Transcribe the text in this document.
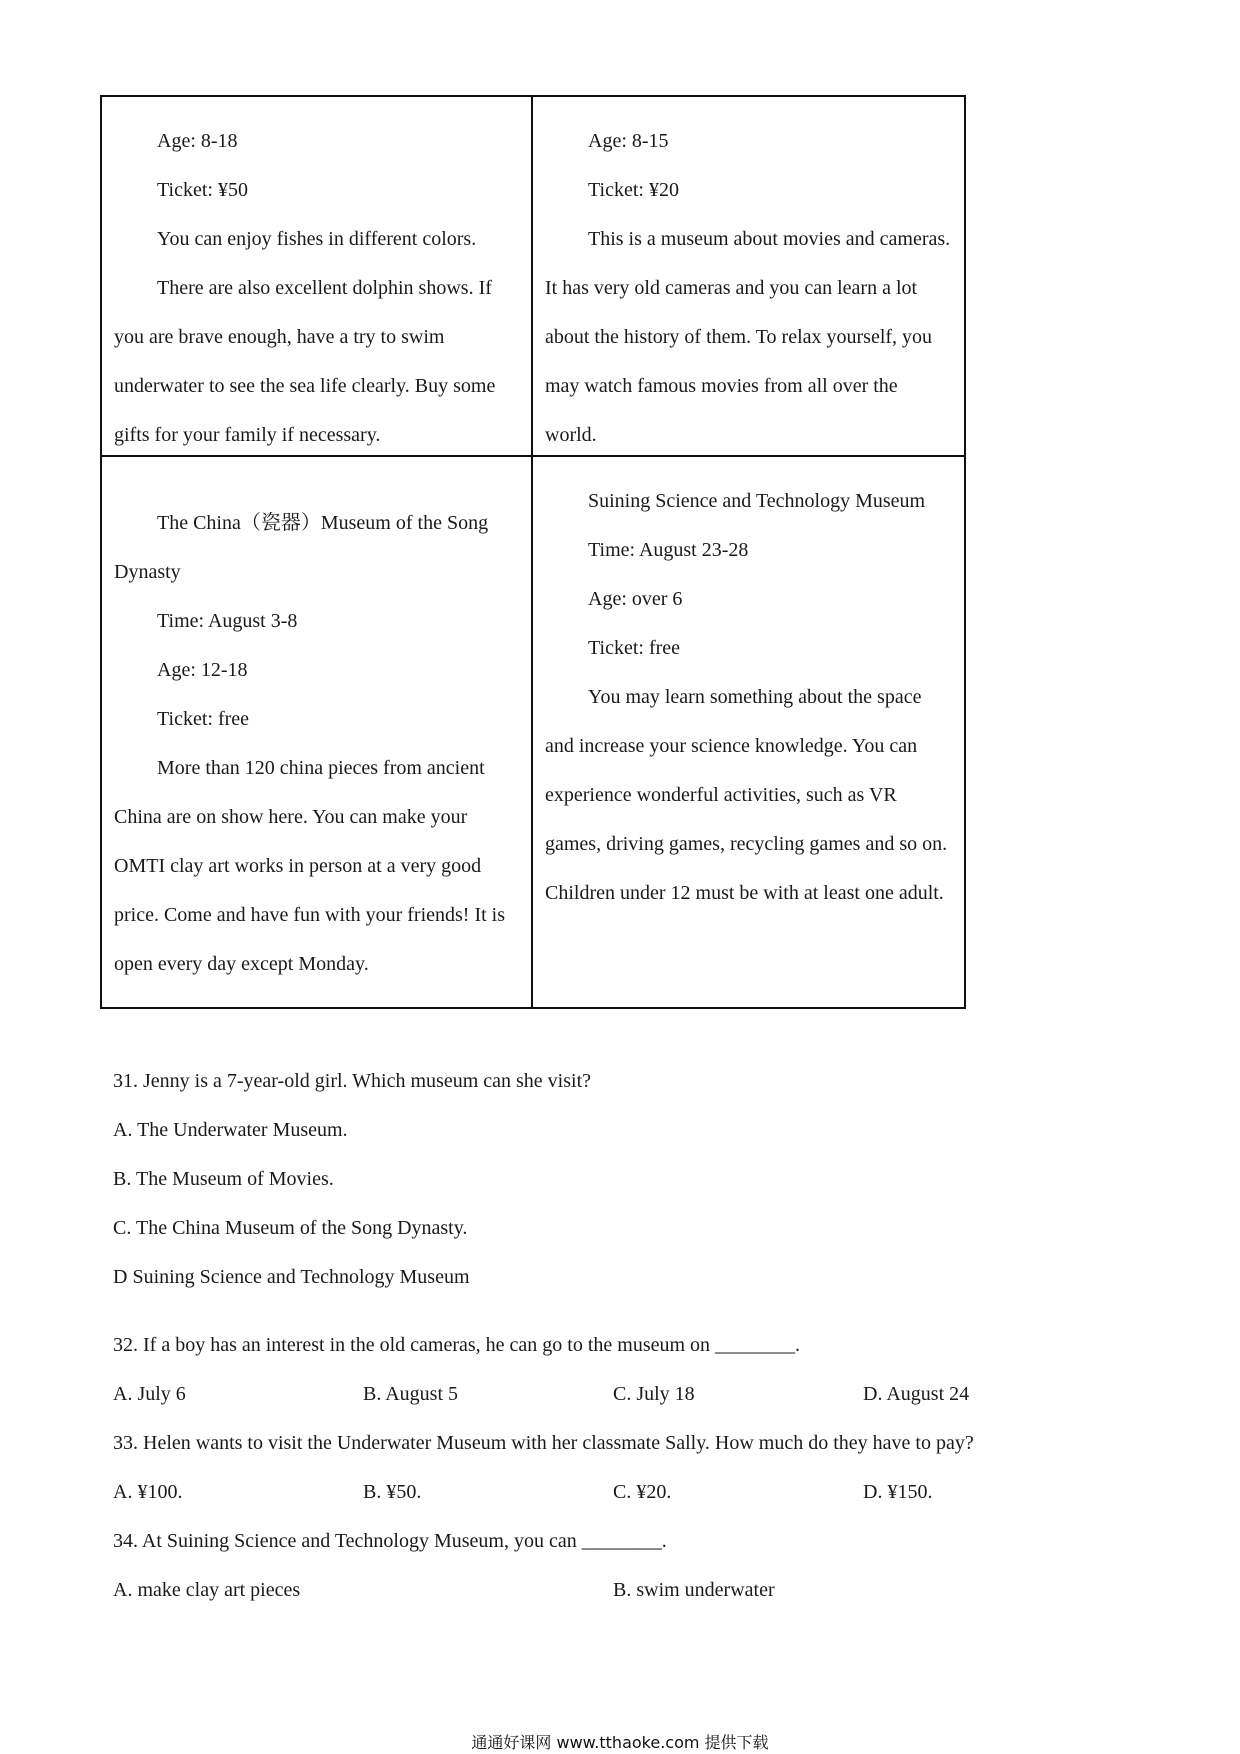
Age: 8-18

Ticket: ¥50

You can enjoy fishes in different colors.

There are also excellent dolphin shows. If you are brave enough, have a try to swim underwater to see the sea life clearly. Buy some gifts for your family if necessary.

Age: 8-15

Ticket: ¥20

This is a museum about movies and cameras. It has very old cameras and you can learn a lot about the history of them. To relax yourself, you may watch famous movies from all over the world.

The China（瓷器）Museum of the Song Dynasty

Time: August 3-8

Age: 12-18

Ticket: free

More than 120 china pieces from ancient China are on show here. You can make your OMTI clay art works in person at a very good price. Come and have fun with your friends! It is open every day except Monday.

Suining Science and Technology Museum

Time: August 23-28

Age: over 6

Ticket: free

You may learn something about the space and increase your science knowledge. You can experience wonderful activities, such as VR games, driving games, recycling games and so on. Children under 12 must be with at least one adult.

31. Jenny is a 7-year-old girl. Which museum can she visit?
A. The Underwater Museum.
B. The Museum of Movies.
C. The China Museum of the Song Dynasty.
D Suining Science and Technology Museum
32. If a boy has an interest in the old cameras, he can go to the museum on ________.
A. July 6	B. August 5	C. July 18	D. August 24
33. Helen wants to visit the Underwater Museum with her classmate Sally. How much do they have to pay?
A. ¥100.	B. ¥50.	C. ¥20.	D. ¥150.
34. At Suining Science and Technology Museum, you can ________.
A. make clay art pieces	B. swim underwater
通通好课网 www.tthaoke.com 提供下载
